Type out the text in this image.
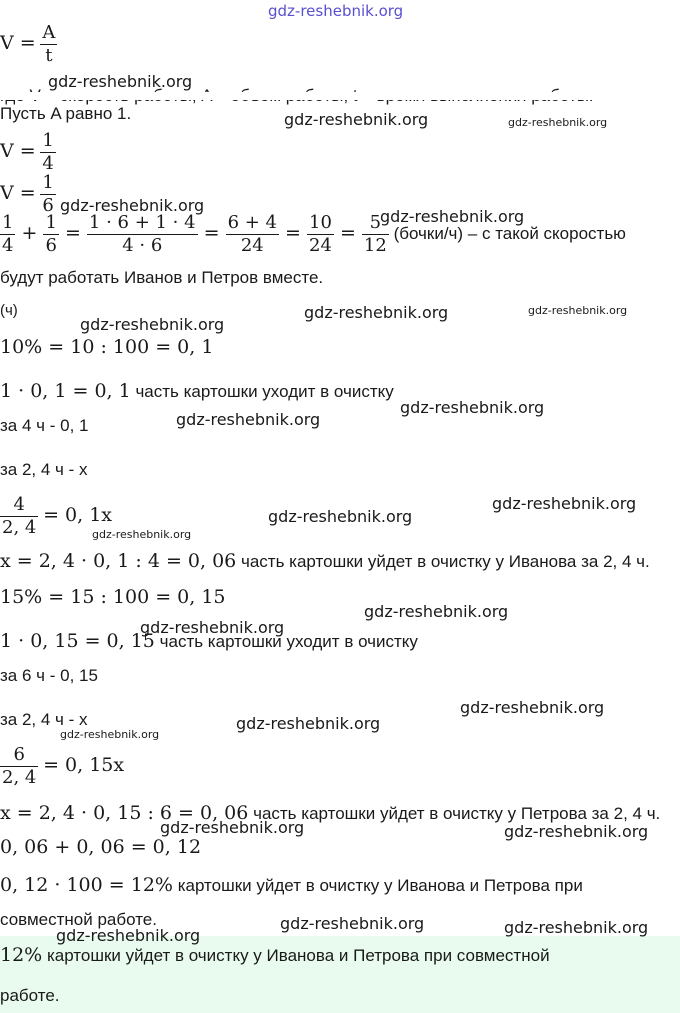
gdz-reshebnik.org
$V = \frac{A}{t}$
Пусть A равно 1.
$V = \frac{1}{4}$
$V = \frac{1}{6}$
$\frac{1}{4} + \frac{1}{6} = \frac{1 \cdot 6 + 1 \cdot 4}{4 \cdot 6} = \frac{6 + 4}{24} = \frac{10}{24} = \frac{5}{12}$ (бочки/ч) – с такой скоростью
будут работать Иванов и Петров вместе.
(ч)
10% = 10 : 100 = 0, 1
1 · 0, 1 = 0, 1 часть картошки уходит в очистку
за 4 ч - 0, 1
за 2, 4 ч - x
$\frac{4}{2, 4} = 0$, 1x
x = 2, 4 · 0, 1 : 4 = 0, 06 часть картошки уйдет в очистку у Иванова за 2, 4 ч.
15% = 15 : 100 = 0, 15
1 · 0, 15 = 0, 15 часть картошки уходит в очистку
за 6 ч - 0, 15
за 2, 4 ч - x
$\frac{6}{2, 4} = 0$, 15x
x = 2, 4 · 0, 15 : 6 = 0, 06 часть картошки уйдет в очистку у Петрова за 2, 4 ч.
0, 06 + 0, 06 = 0, 12
0, 12 · 100 = 12% картошки уйдет в очистку у Иванова и Петрова при
совместной работе.
12% картошки уйдет в очистку у Иванова и Петрова при совместной
работе.
gdz-reshebnik.org
gdz-reshebnik.org	gdz-reshebnik.org
gdz-reshebnik.org
gdz-reshebnik.org
gdz-reshebnik.org	gdz-reshebnik.org
gdz-reshebnik.org
gdz-reshebnik.org
gdz-reshebnik.org
gdz-reshebnik.org
gdz-reshebnik.org
gdz-reshebnik.org
gdz-reshebnik.org
gdz-reshebnik.org
gdz-reshebnik.org
gdz-reshebnik.org
gdz-reshebnik.org
gdz-reshebnik.org	gdz-reshebnik.org
gdz-reshebnik.org	gdz-reshebnik.org
gdz-reshebnik.org
